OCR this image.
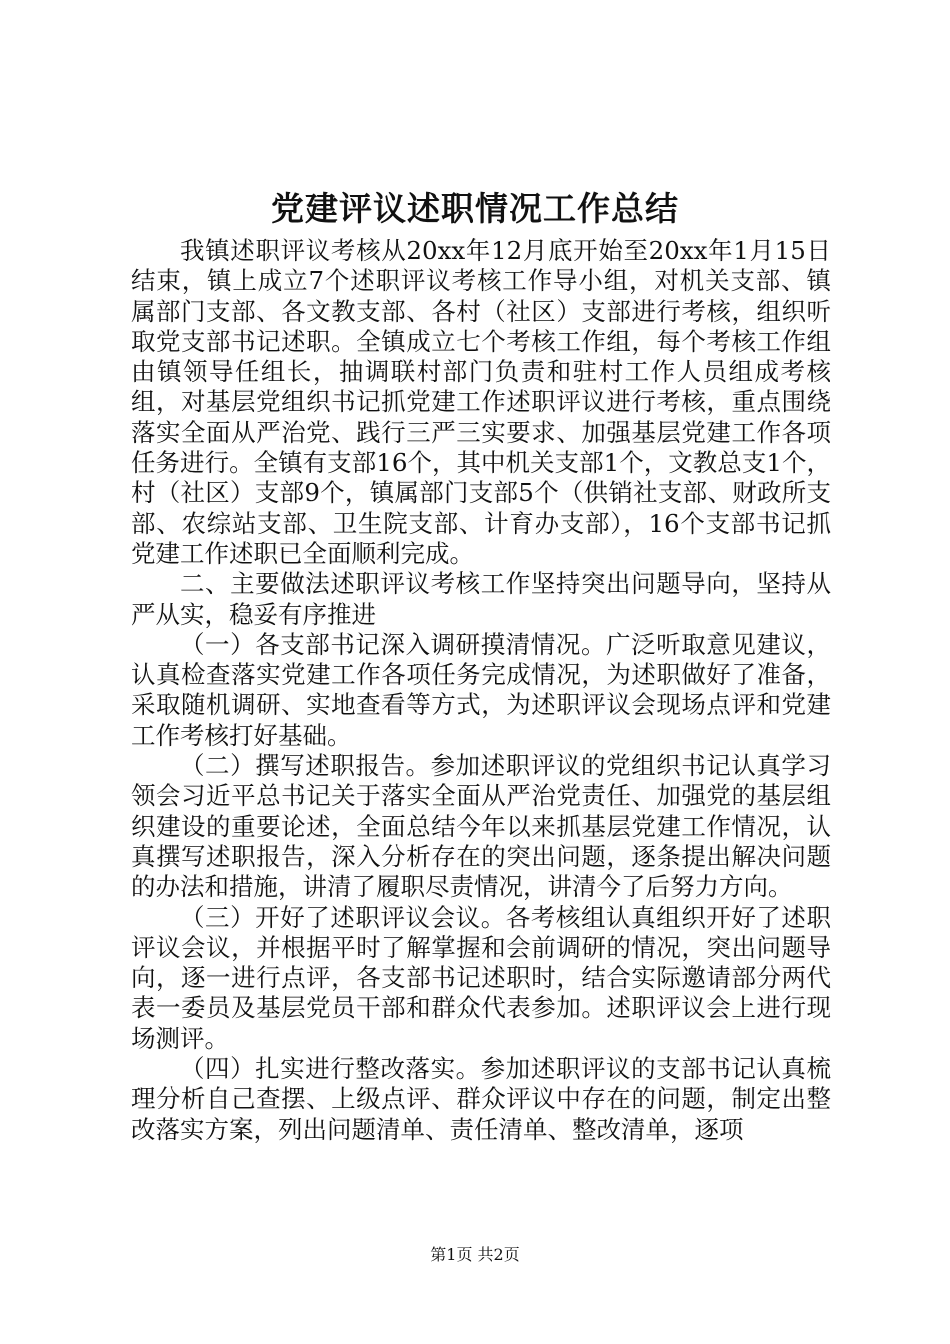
党建评议述职情况工作总结

我镇述职评议考核从20xx年12月底开始至20xx年1月15日结束，镇上成立7个述职评议考核工作导小组，对机关支部、镇属部门支部、各文教支部、各村（社区）支部进行考核，组织听取党支部书记述职。全镇成立七个考核工作组，每个考核工作组由镇领导任组长，抽调联村部门负责和驻村工作人员组成考核组，对基层党组织书记抓党建工作述职评议进行考核，重点围绕落实全面从严治党、践行三严三实要求、加强基层党建工作各项任务进行。全镇有支部16个，其中机关支部1个，文教总支1个，村（社区）支部9个，镇属部门支部5个（供销社支部、财政所支部、农综站支部、卫生院支部、计育办支部），16个支部书记抓党建工作述职已全面顺利完成。

二、主要做法述职评议考核工作坚持突出问题导向，坚持从严从实，稳妥有序推进

（一）各支部书记深入调研摸清情况。广泛听取意见建议，认真检查落实党建工作各项任务完成情况，为述职做好了准备，采取随机调研、实地查看等方式，为述职评议会现场点评和党建工作考核打好基础。

（二）撰写述职报告。参加述职评议的党组织书记认真学习领会习近平总书记关于落实全面从严治党责任、加强党的基层组织建设的重要论述，全面总结今年以来抓基层党建工作情况，认真撰写述职报告，深入分析存在的突出问题，逐条提出解决问题的办法和措施，讲清了履职尽责情况，讲清今了后努力方向。

（三）开好了述职评议会议。各考核组认真组织开好了述职评议会议，并根据平时了解掌握和会前调研的情况，突出问题导向，逐一进行点评，各支部书记述职时，结合实际邀请部分两代表一委员及基层党员干部和群众代表参加。述职评议会上进行现场测评。

（四）扎实进行整改落实。参加述职评议的支部书记认真梳理分析自己查摆、上级点评、群众评议中存在的问题，制定出整改落实方案，列出问题清单、责任清单、整改清单，逐项

第1页 共2页
